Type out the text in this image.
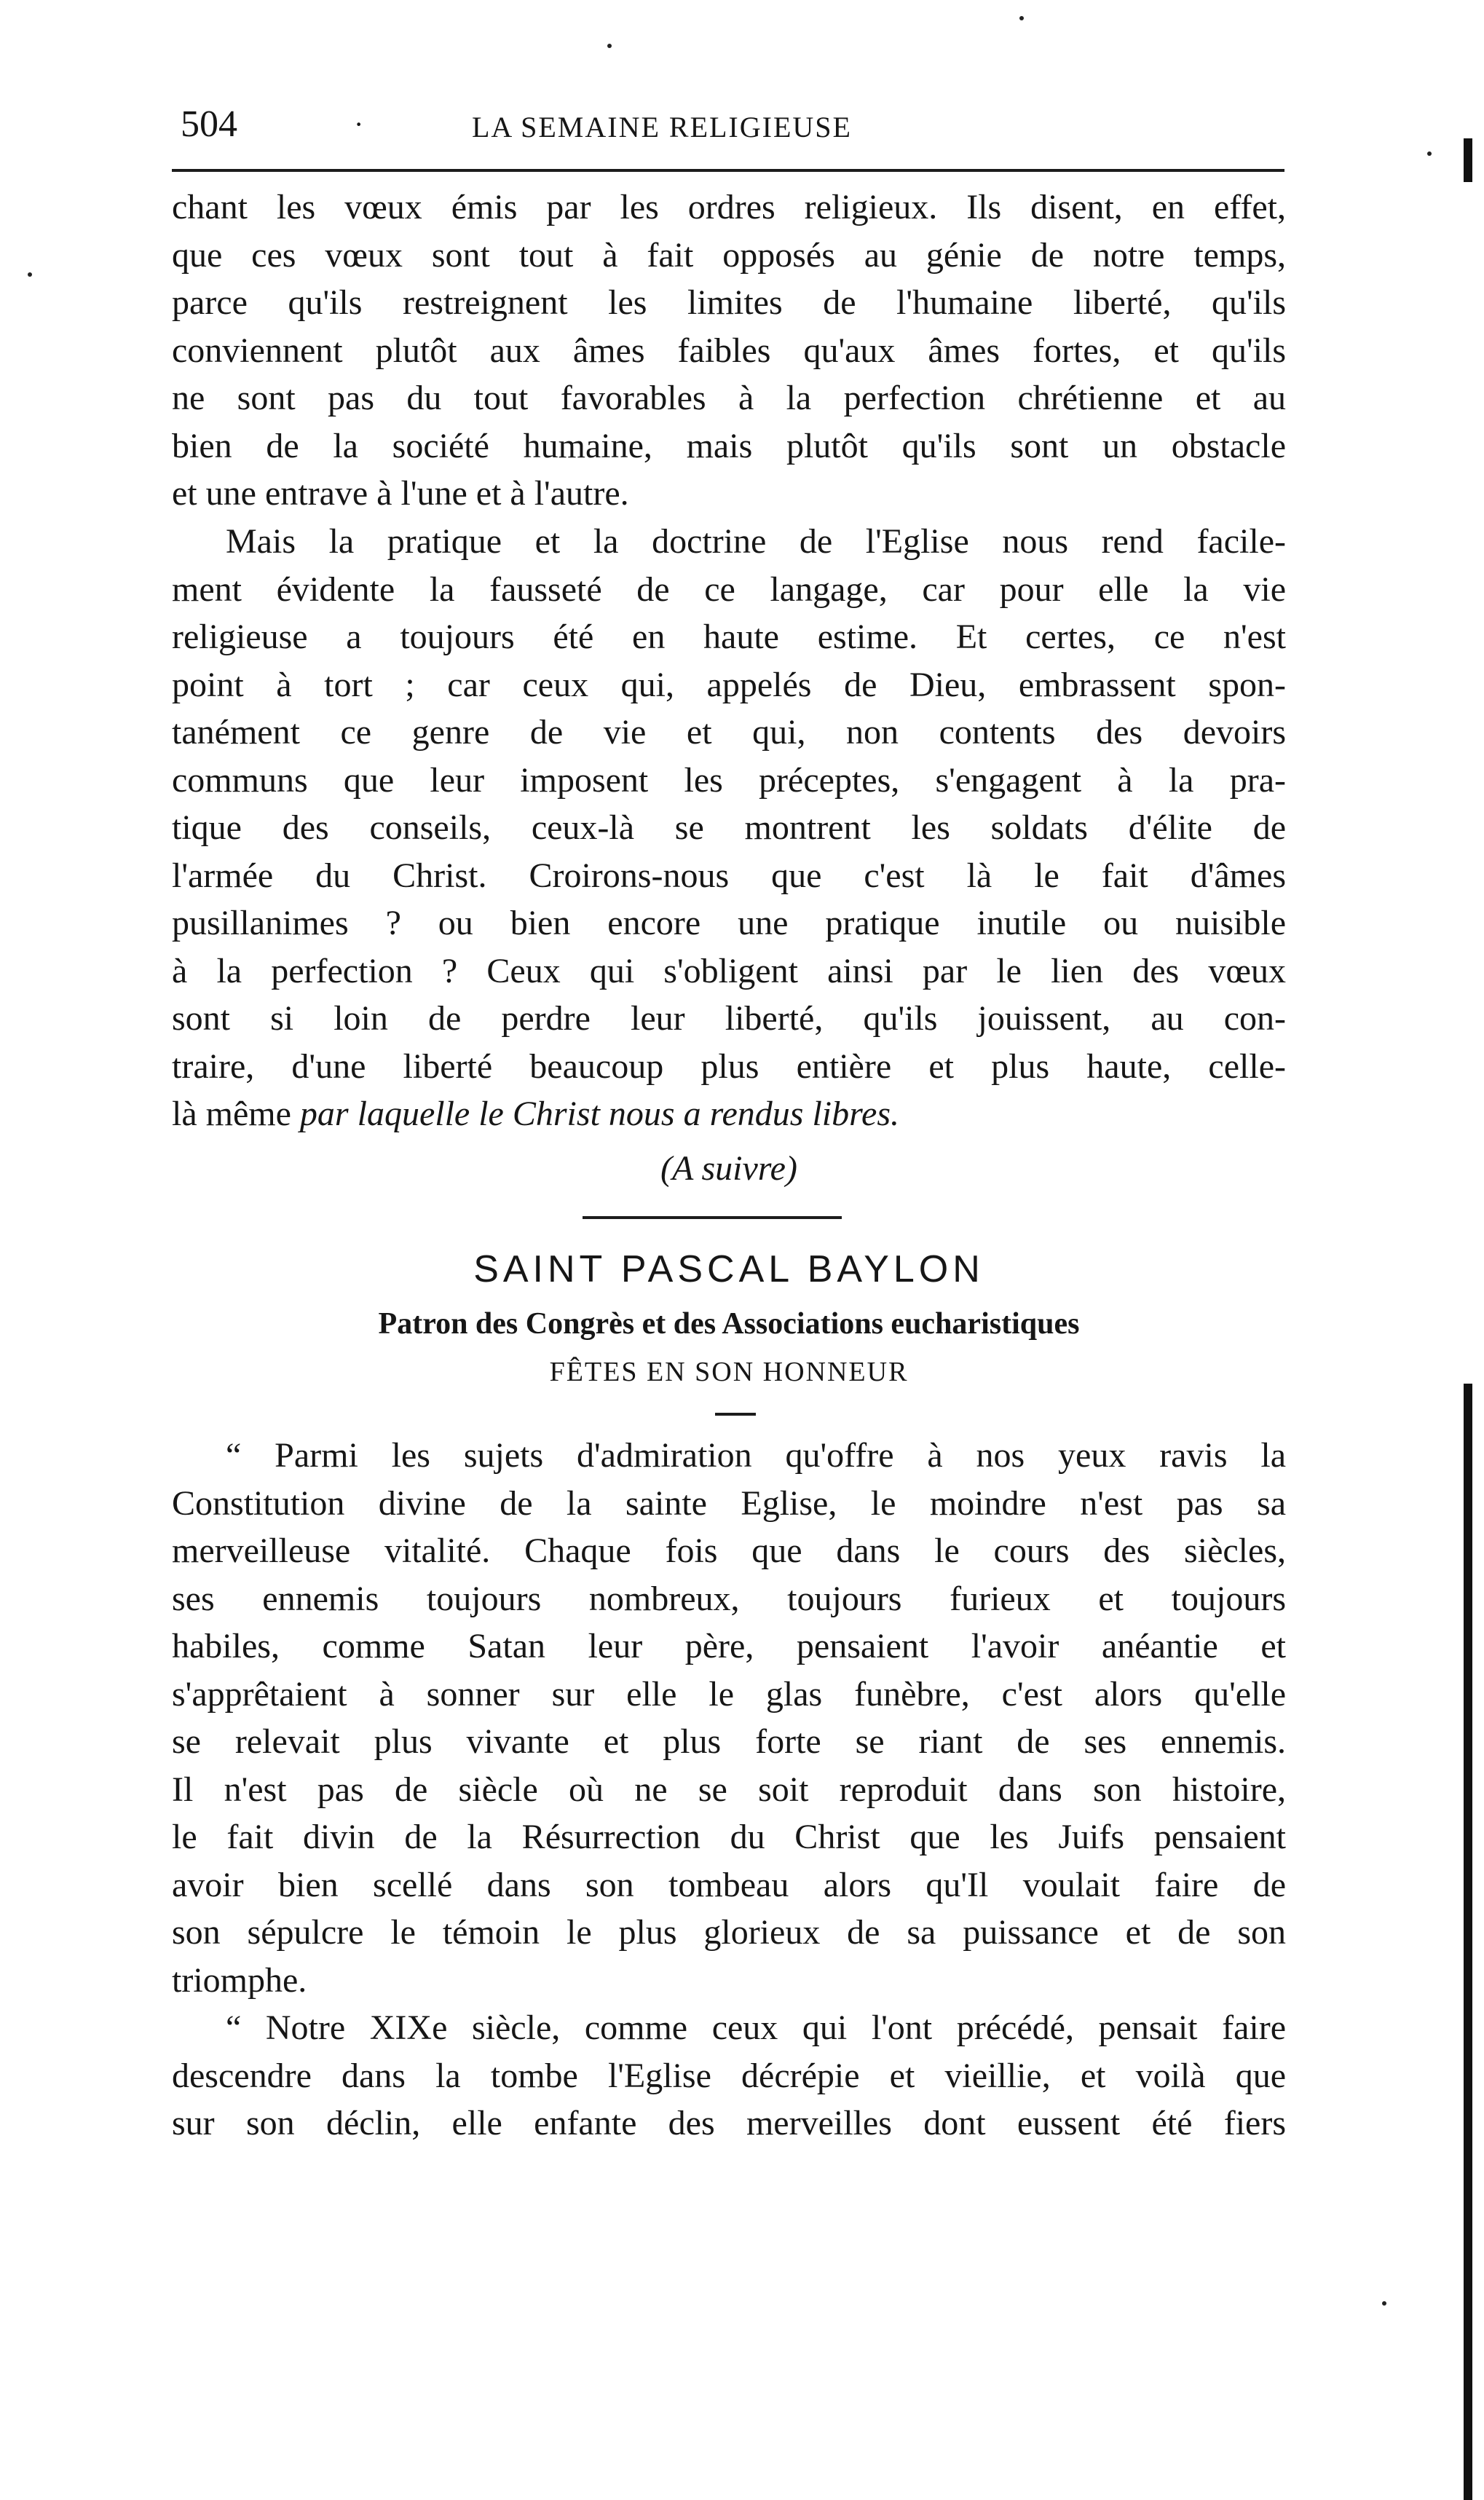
504	·	LA SEMAINE RELIGIEUSE
chant les vœux émis par les ordres religieux. Ils disent, en effet,
que ces vœux sont tout à fait opposés au génie de notre temps,
parce qu'ils restreignent les limites de l'humaine liberté, qu'ils
conviennent plutôt aux âmes faibles qu'aux âmes fortes, et qu'ils
ne sont pas du tout favorables à la perfection chrétienne et au
bien de la société humaine, mais plutôt qu'ils sont un obstacle
et une entrave à l'une et à l'autre.
Mais la pratique et la doctrine de l'Eglise nous rend facile-
ment évidente la fausseté de ce langage, car pour elle la vie
religieuse a toujours été en haute estime. Et certes, ce n'est
point à tort ; car ceux qui, appelés de Dieu, embrassent spon-
tanément ce genre de vie et qui, non contents des devoirs
communs que leur imposent les préceptes, s'engagent à la pra-
tique des conseils, ceux-là se montrent les soldats d'élite de
l'armée du Christ. Croirons-nous que c'est là le fait d'âmes
pusillanimes ? ou bien encore une pratique inutile ou nuisible
à la perfection ? Ceux qui s'obligent ainsi par le lien des vœux
sont si loin de perdre leur liberté, qu'ils jouissent, au con-
traire, d'une liberté beaucoup plus entière et plus haute, celle-
là même par laquelle le Christ nous a rendus libres.
(A suivre)
SAINT PASCAL BAYLON
Patron des Congrès et des Associations eucharistiques
FÊTES EN SON HONNEUR
“ Parmi les sujets d'admiration qu'offre à nos yeux ravis la
Constitution divine de la sainte Eglise, le moindre n'est pas sa
merveilleuse vitalité. Chaque fois que dans le cours des siècles,
ses ennemis toujours nombreux, toujours furieux et toujours
habiles, comme Satan leur père, pensaient l'avoir anéantie et
s'apprêtaient à sonner sur elle le glas funèbre, c'est alors qu'elle
se relevait plus vivante et plus forte se riant de ses ennemis.
Il n'est pas de siècle où ne se soit reproduit dans son histoire,
le fait divin de la Résurrection du Christ que les Juifs pensaient
avoir bien scellé dans son tombeau alors qu'Il voulait faire de
son sépulcre le témoin le plus glorieux de sa puissance et de son
triomphe.
“ Notre XIXe siècle, comme ceux qui l'ont précédé, pensait faire
descendre dans la tombe l'Eglise décrépie et vieillie, et voilà que
sur son déclin, elle enfante des merveilles dont eussent été fiers
